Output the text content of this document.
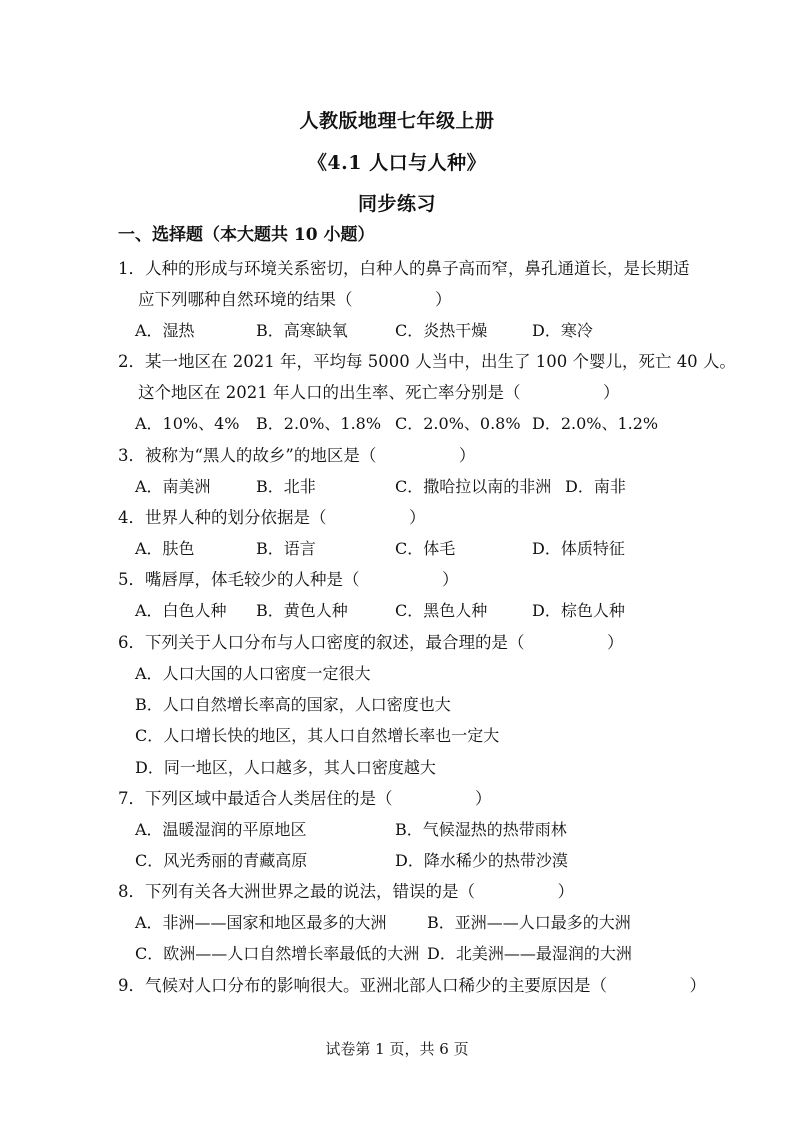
人教版地理七年级上册
《4.1 人口与人种》
同步练习
一、选择题（本大题共 10 小题）
1．人种的形成与环境关系密切，白种人的鼻子高而窄，鼻孔通道长，是长期适
应下列哪种自然环境的结果（　　　　　）
A．湿热	B．高寒缺氧	C．炎热干燥	D．寒冷
2．某一地区在 2021 年，平均每 5000 人当中，出生了 100 个婴儿，死亡 40 人。
这个地区在 2021 年人口的出生率、死亡率分别是（　　　　　）
A．10%、4% B．2.0%、1.8% C．2.0%、0.8% D．2.0%、1.2%
3．被称为“黑人的故乡”的地区是（　　　　　）
A．南美洲	B．北非	C．撒哈拉以南的非洲 D．南非
4．世界人种的划分依据是（　　　　　）
A．肤色	B．语言	C．体毛	D．体质特征
5．嘴唇厚，体毛较少的人种是（　　　　　）
A．白色人种 B．黄色人种	C．黑色人种	D．棕色人种
6．下列关于人口分布与人口密度的叙述，最合理的是（　　　　　）
A．人口大国的人口密度一定很大
B．人口自然增长率高的国家，人口密度也大
C．人口增长快的地区，其人口自然增长率也一定大
D．同一地区，人口越多，其人口密度越大
7．下列区域中最适合人类居住的是（　　　　　）
A．温暖湿润的平原地区	B．气候湿热的热带雨林
C．风光秀丽的青藏高原	D．降水稀少的热带沙漠
8．下列有关各大洲世界之最的说法，错误的是（　　　　　）
A．非洲——国家和地区最多的大洲	B．亚洲——人口最多的大洲
C．欧洲——人口自然增长率最低的大洲 D．北美洲——最湿润的大洲
9．气候对人口分布的影响很大。亚洲北部人口稀少的主要原因是（　　　　　）
试卷第 1 页，共 6 页
